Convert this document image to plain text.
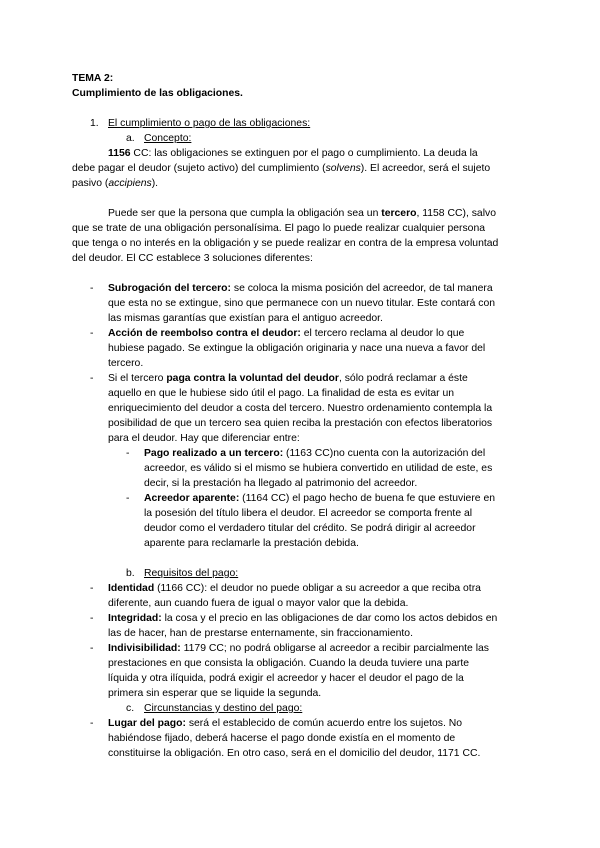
TEMA 2:
Cumplimiento de las obligaciones.
1. El cumplimiento o pago de las obligaciones:
a. Concepto:
1156 CC: las obligaciones se extinguen por el pago o cumplimiento. La deuda la
debe pagar el deudor (sujeto activo) del cumplimiento (solvens). El acreedor, será el sujeto
pasivo (accipiens).
Puede ser que la persona que cumpla la obligación sea un tercero, 1158 CC), salvo
que se trate de una obligación personalísima. El pago lo puede realizar cualquier persona
que tenga o no interés en la obligación y se puede realizar en contra de la empresa voluntad
del deudor. El CC establece 3 soluciones diferentes:
- Subrogación del tercero: se coloca la misma posición del acreedor, de tal manera
que esta no se extingue, sino que permanece con un nuevo titular. Este contará con
las mismas garantías que existían para el antiguo acreedor.
- Acción de reembolso contra el deudor: el tercero reclama al deudor lo que
hubiese pagado. Se extingue la obligación originaria y nace una nueva a favor del
tercero.
- Si el tercero paga contra la voluntad del deudor, sólo podrá reclamar a éste
aquello en que le hubiese sido útil el pago. La finalidad de esta es evitar un
enriquecimiento del deudor a costa del tercero. Nuestro ordenamiento contempla la
posibilidad de que un tercero sea quien reciba la prestación con efectos liberatorios
para el deudor. Hay que diferenciar entre:
- Pago realizado a un tercero: (1163 CC)no cuenta con la autorización del
acreedor, es válido si el mismo se hubiera convertido en utilidad de este, es
decir, si la prestación ha llegado al patrimonio del acreedor.
- Acreedor aparente: (1164 CC) el pago hecho de buena fe que estuviere en
la posesión del título libera el deudor. El acreedor se comporta frente al
deudor como el verdadero titular del crédito. Se podrá dirigir al acreedor
aparente para reclamarle la prestación debida.
b. Requisitos del pago:
- Identidad (1166 CC): el deudor no puede obligar a su acreedor a que reciba otra
diferente, aun cuando fuera de igual o mayor valor que la debida.
- Integridad: la cosa y el precio en las obligaciones de dar como los actos debidos en
las de hacer, han de prestarse enternamente, sin fraccionamiento.
- Indivisibilidad: 1179 CC; no podrá obligarse al acreedor a recibir parcialmente las
prestaciones en que consista la obligación. Cuando la deuda tuviere una parte
líquida y otra ilíquida, podrá exigir el acreedor y hacer el deudor el pago de la
primera sin esperar que se liquide la segunda.
c. Circunstancias y destino del pago:
- Lugar del pago: será el establecido de común acuerdo entre los sujetos. No
habiéndose fijado, deberá hacerse el pago donde existía en el momento de
constituirse la obligación. En otro caso, será en el domicilio del deudor, 1171 CC.
